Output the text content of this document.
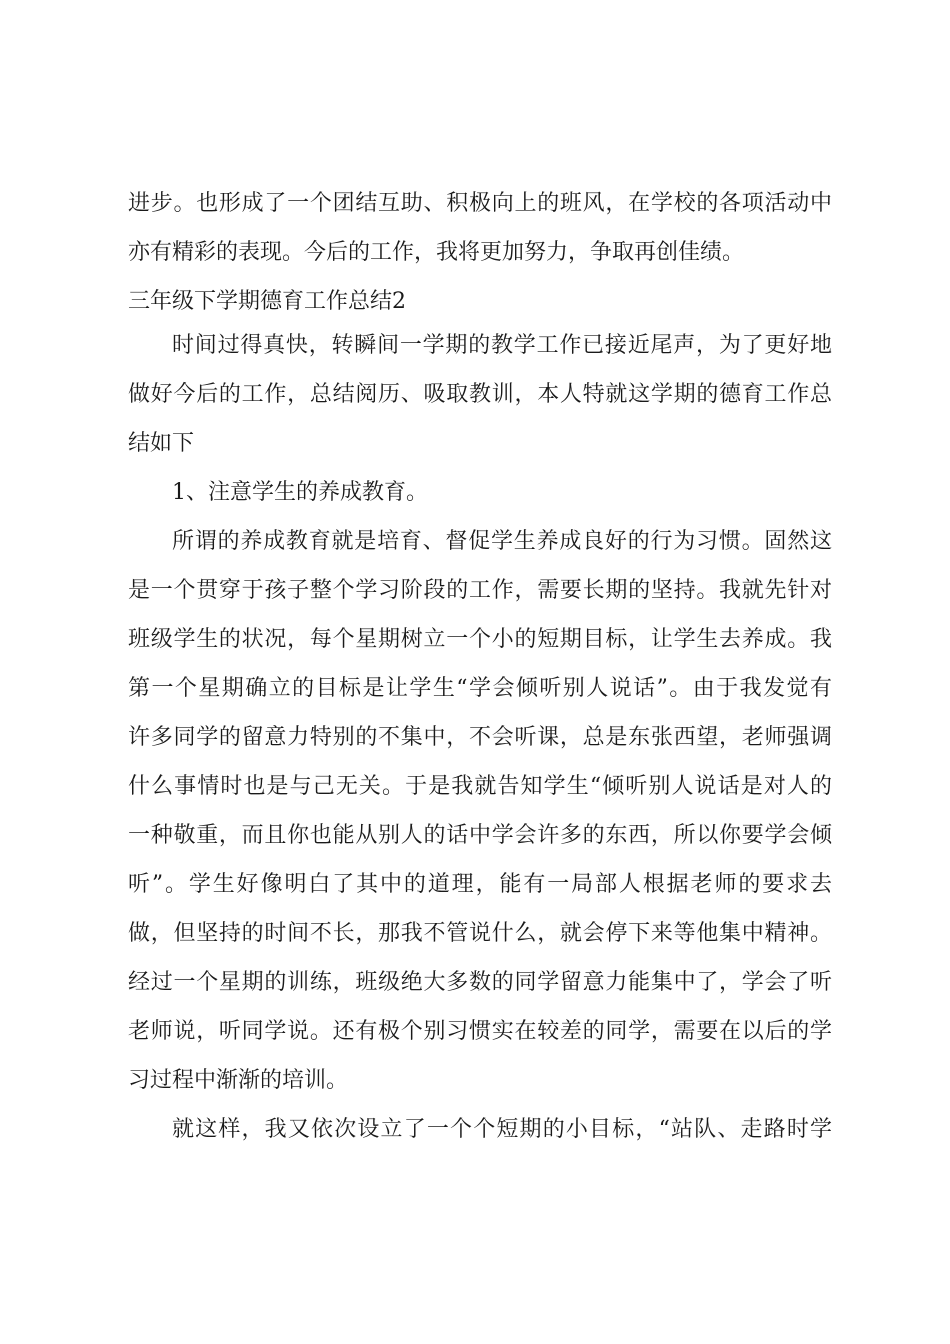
进步。也形成了一个团结互助、积极向上的班风，在学校的各项活动中
亦有精彩的表现。今后的工作，我将更加努力，争取再创佳绩。
三年级下学期德育工作总结2
时间过得真快，转瞬间一学期的教学工作已接近尾声，为了更好地
做好今后的工作，总结阅历、吸取教训，本人特就这学期的德育工作总
结如下
1、注意学生的养成教育。
所谓的养成教育就是培育、督促学生养成良好的行为习惯。固然这
是一个贯穿于孩子整个学习阶段的工作，需要长期的坚持。我就先针对
班级学生的状况，每个星期树立一个小的短期目标，让学生去养成。我
第一个星期确立的目标是让学生“学会倾听别人说话”。由于我发觉有
许多同学的留意力特别的不集中，不会听课，总是东张西望，老师强调
什么事情时也是与己无关。于是我就告知学生“倾听别人说话是对人的
一种敬重，而且你也能从别人的话中学会许多的东西，所以你要学会倾
听”。学生好像明白了其中的道理，能有一局部人根据老师的要求去
做，但坚持的时间不长，那我不管说什么，就会停下来等他集中精神。
经过一个星期的训练，班级绝大多数的同学留意力能集中了，学会了听
老师说，听同学说。还有极个别习惯实在较差的同学，需要在以后的学
习过程中渐渐的培训。
就这样，我又依次设立了一个个短期的小目标，“站队、走路时学
